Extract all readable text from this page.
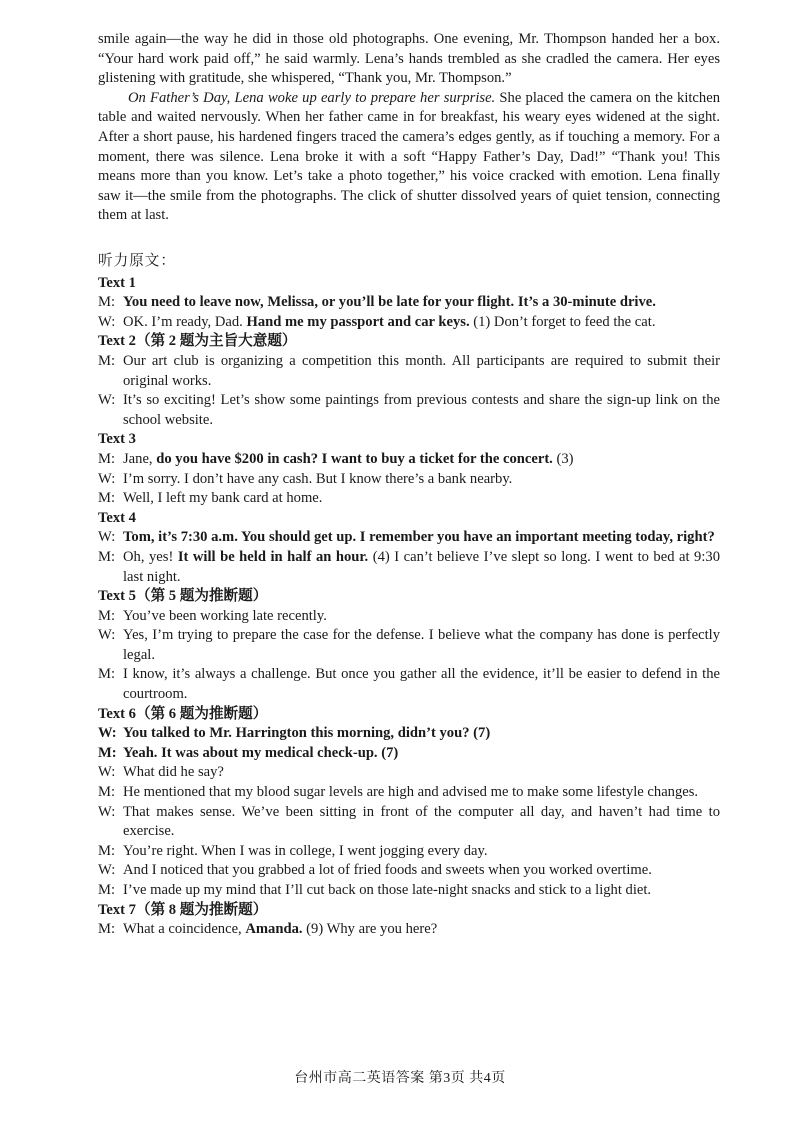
smile again—the way he did in those old photographs. One evening, Mr. Thompson handed her a box. “Your hard work paid off,” he said warmly. Lena’s hands trembled as she cradled the camera. Her eyes glistening with gratitude, she whispered, “Thank you, Mr. Thompson.”

On Father’s Day, Lena woke up early to prepare her surprise. She placed the camera on the kitchen table and waited nervously. When her father came in for breakfast, his weary eyes widened at the sight. After a short pause, his hardened fingers traced the camera’s edges gently, as if touching a memory. For a moment, there was silence. Lena broke it with a soft “Happy Father’s Day, Dad!” “Thank you! This means more than you know. Let’s take a photo together,” his voice cracked with emotion. Lena finally saw it—the smile from the photographs. The click of shutter dissolved years of quiet tension, connecting them at last.

听力原文：

Text 1

M: You need to leave now, Melissa, or you’ll be late for your flight. It’s a 30-minute drive.
W: OK. I’m ready, Dad. Hand me my passport and car keys. (1) Don’t forget to feed the cat.

Text 2（第 2 题为主旨大意题）

M: Our art club is organizing a competition this month. All participants are required to submit their original works.
W: It’s so exciting! Let’s show some paintings from previous contests and share the sign-up link on the school website.

Text 3

M: Jane, do you have $200 in cash? I want to buy a ticket for the concert. (3)
W: I’m sorry. I don’t have any cash. But I know there’s a bank nearby.
M: Well, I left my bank card at home.

Text 4

W: Tom, it’s 7:30 a.m. You should get up. I remember you have an important meeting today, right?
M: Oh, yes! It will be held in half an hour. (4) I can’t believe I’ve slept so long. I went to bed at 9:30 last night.

Text 5（第 5 题为推断题）

M: You’ve been working late recently.
W: Yes, I’m trying to prepare the case for the defense. I believe what the company has done is perfectly legal.
M: I know, it’s always a challenge. But once you gather all the evidence, it’ll be easier to defend in the courtroom.

Text 6（第 6 题为推断题）

W: You talked to Mr. Harrington this morning, didn’t you? (7)
M: Yeah. It was about my medical check-up. (7)
W: What did he say?
M: He mentioned that my blood sugar levels are high and advised me to make some lifestyle changes.
W: That makes sense. We’ve been sitting in front of the computer all day, and haven’t had time to exercise.
M: You’re right. When I was in college, I went jogging every day.
W: And I noticed that you grabbed a lot of fried foods and sweets when you worked overtime.
M: I’ve made up my mind that I’ll cut back on those late-night snacks and stick to a light diet.

Text 7（第 8 题为推断题）

M: What a coincidence, Amanda. (9) Why are you here?
台州市高二英语答案 第3页 共4页
